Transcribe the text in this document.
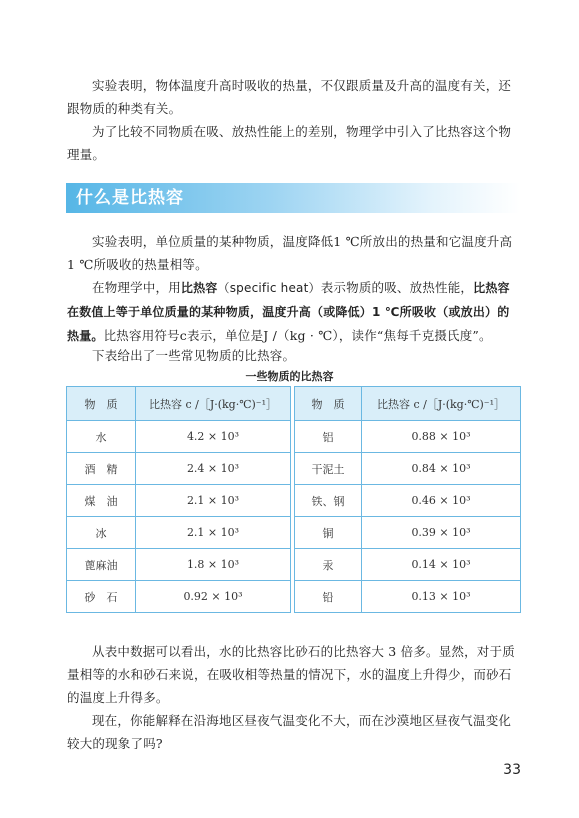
实验表明，物体温度升高时吸收的热量，不仅跟质量及升高的温度有关，还跟物质的种类有关。

为了比较不同物质在吸、放热性能上的差别，物理学中引入了比热容这个物理量。

什么是比热容

实验表明，单位质量的某种物质，温度降低1 ℃所放出的热量和它温度升高1 ℃所吸收的热量相等。

在物理学中，用比热容（specific heat）表示物质的吸、放热性能，比热容在数值上等于单位质量的某种物质，温度升高（或降低）1 ℃所吸收（或放出）的热量。比热容用符号c表示，单位是J /（kg · ℃），读作“焦每千克摄氏度”。

下表给出了一些常见物质的比热容。

一些物质的比热容
物　质	比热容 c /［J·(kg·℃)⁻¹］
水	4.2 × 10³
酒　精	2.4 × 10³
煤　油	2.1 × 10³
冰	2.1 × 10³
蓖麻油	1.8 × 10³
砂　石	0.92 × 10³
物　质	比热容 c /［J·(kg·℃)⁻¹］
铝	0.88 × 10³
干泥土	0.84 × 10³
铁、钢	0.46 × 10³
铜	0.39 × 10³
汞	0.14 × 10³
铅	0.13 × 10³

从表中数据可以看出，水的比热容比砂石的比热容大 3 倍多。显然，对于质量相等的水和砂石来说，在吸收相等热量的情况下，水的温度上升得少，而砂石的温度上升得多。

现在，你能解释在沿海地区昼夜气温变化不大，而在沙漠地区昼夜气温变化较大的现象了吗?

33
